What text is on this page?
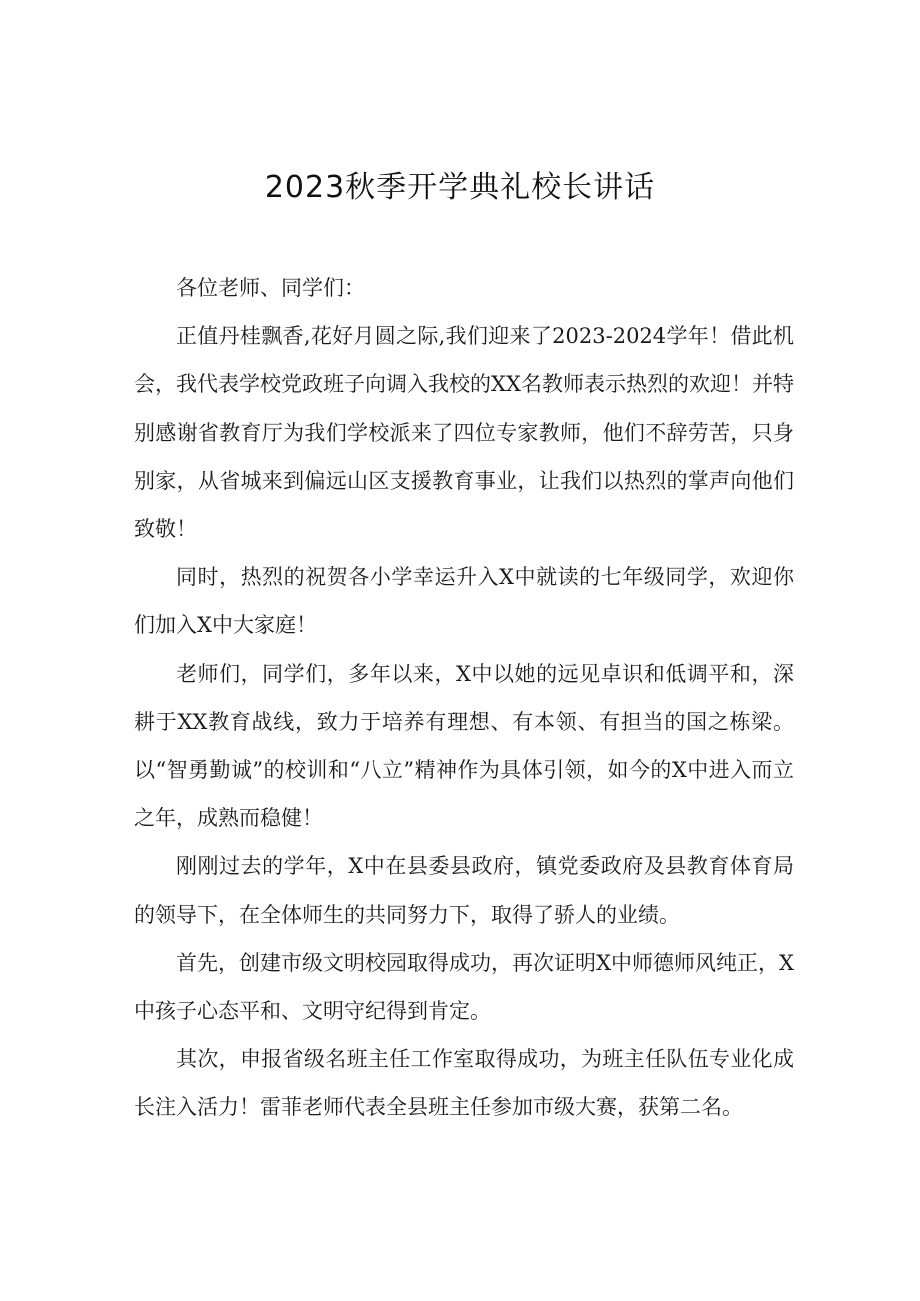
2023秋季开学典礼校长讲话

各位老师、同学们：

正值丹桂飘香,花好月圆之际,我们迎来了2023-2024学年！借此机会，我代表学校党政班子向调入我校的XX名教师表示热烈的欢迎！并特别感谢省教育厅为我们学校派来了四位专家教师，他们不辞劳苦，只身别家，从省城来到偏远山区支援教育事业，让我们以热烈的掌声向他们致敬！

同时，热烈的祝贺各小学幸运升入X中就读的七年级同学，欢迎你们加入X中大家庭！

老师们，同学们，多年以来，X中以她的远见卓识和低调平和，深耕于XX教育战线，致力于培养有理想、有本领、有担当的国之栋梁。以“智勇勤诚”的校训和“八立”精神作为具体引领，如今的X中进入而立之年，成熟而稳健！

刚刚过去的学年，X中在县委县政府，镇党委政府及县教育体育局的领导下，在全体师生的共同努力下，取得了骄人的业绩。

首先，创建市级文明校园取得成功，再次证明X中师德师风纯正，X中孩子心态平和、文明守纪得到肯定。

其次，申报省级名班主任工作室取得成功，为班主任队伍专业化成长注入活力！雷菲老师代表全县班主任参加市级大赛，获第二名。
